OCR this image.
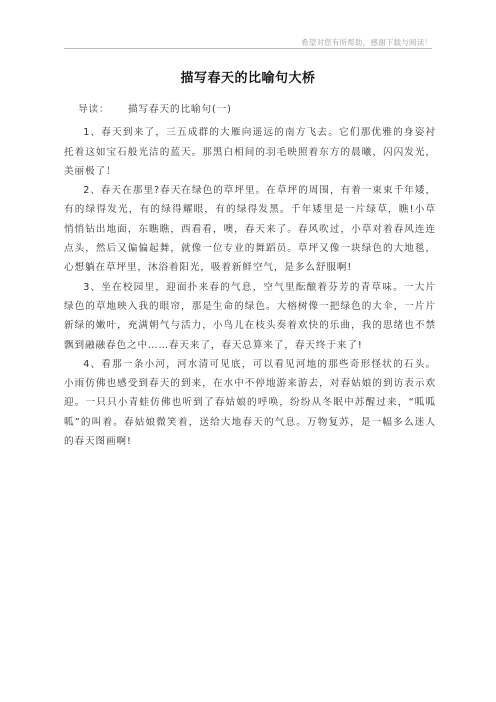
希望对您有所帮助，感谢下载与阅读！
描写春天的比喻句大桥
导读： 描写春天的比喻句(一)

1、春天到来了，三五成群的大雁向遥远的南方飞去。它们那优雅的身姿衬托着这如宝石般光洁的蓝天。那黑白相间的羽毛映照着东方的晨曦，闪闪发光，美丽极了！

2、春天在那里?春天在绿色的草坪里。在草坪的周围，有着一束束千年矮，有的绿得发光，有的绿得耀眼，有的绿得发黑。千年矮里是一片绿草，瞧!小草悄悄钻出地面，东瞧瞧，西看看，噢，春天来了。春风吹过，小草对着春风连连点头，然后又偏偏起舞，就像一位专业的舞蹈员。草坪又像一块绿色的大地毯，心想躺在草坪里，沐浴着阳光，吸着新鲜空气，是多么舒服啊!

3、坐在校园里，迎面扑来春的气息，空气里酝酿着芬芳的青草味。一大片绿色的草地映入我的眼帘，那是生命的绿色。大榕树像一把绿色的大伞，一片片新绿的嫩叶，充满朝气与活力，小鸟儿在枝头奏着欢快的乐曲，我的思绪也不禁飘到融融春色之中……春天来了，春天总算来了，春天终于来了!

4、看那一条小河，河水清可见底，可以看见河地的那些奇形怪状的石头。小雨仿佛也感受到春天的到来，在水中不停地游来游去，对春姑娘的到访表示欢迎。一只只小青蛙仿佛也听到了春姑娘的呼唤，纷纷从冬眠中苏醒过来，“呱呱呱”的叫着。春姑娘微笑着，送给大地春天的气息。万物复苏，是一幅多么迷人的春天图画啊!
